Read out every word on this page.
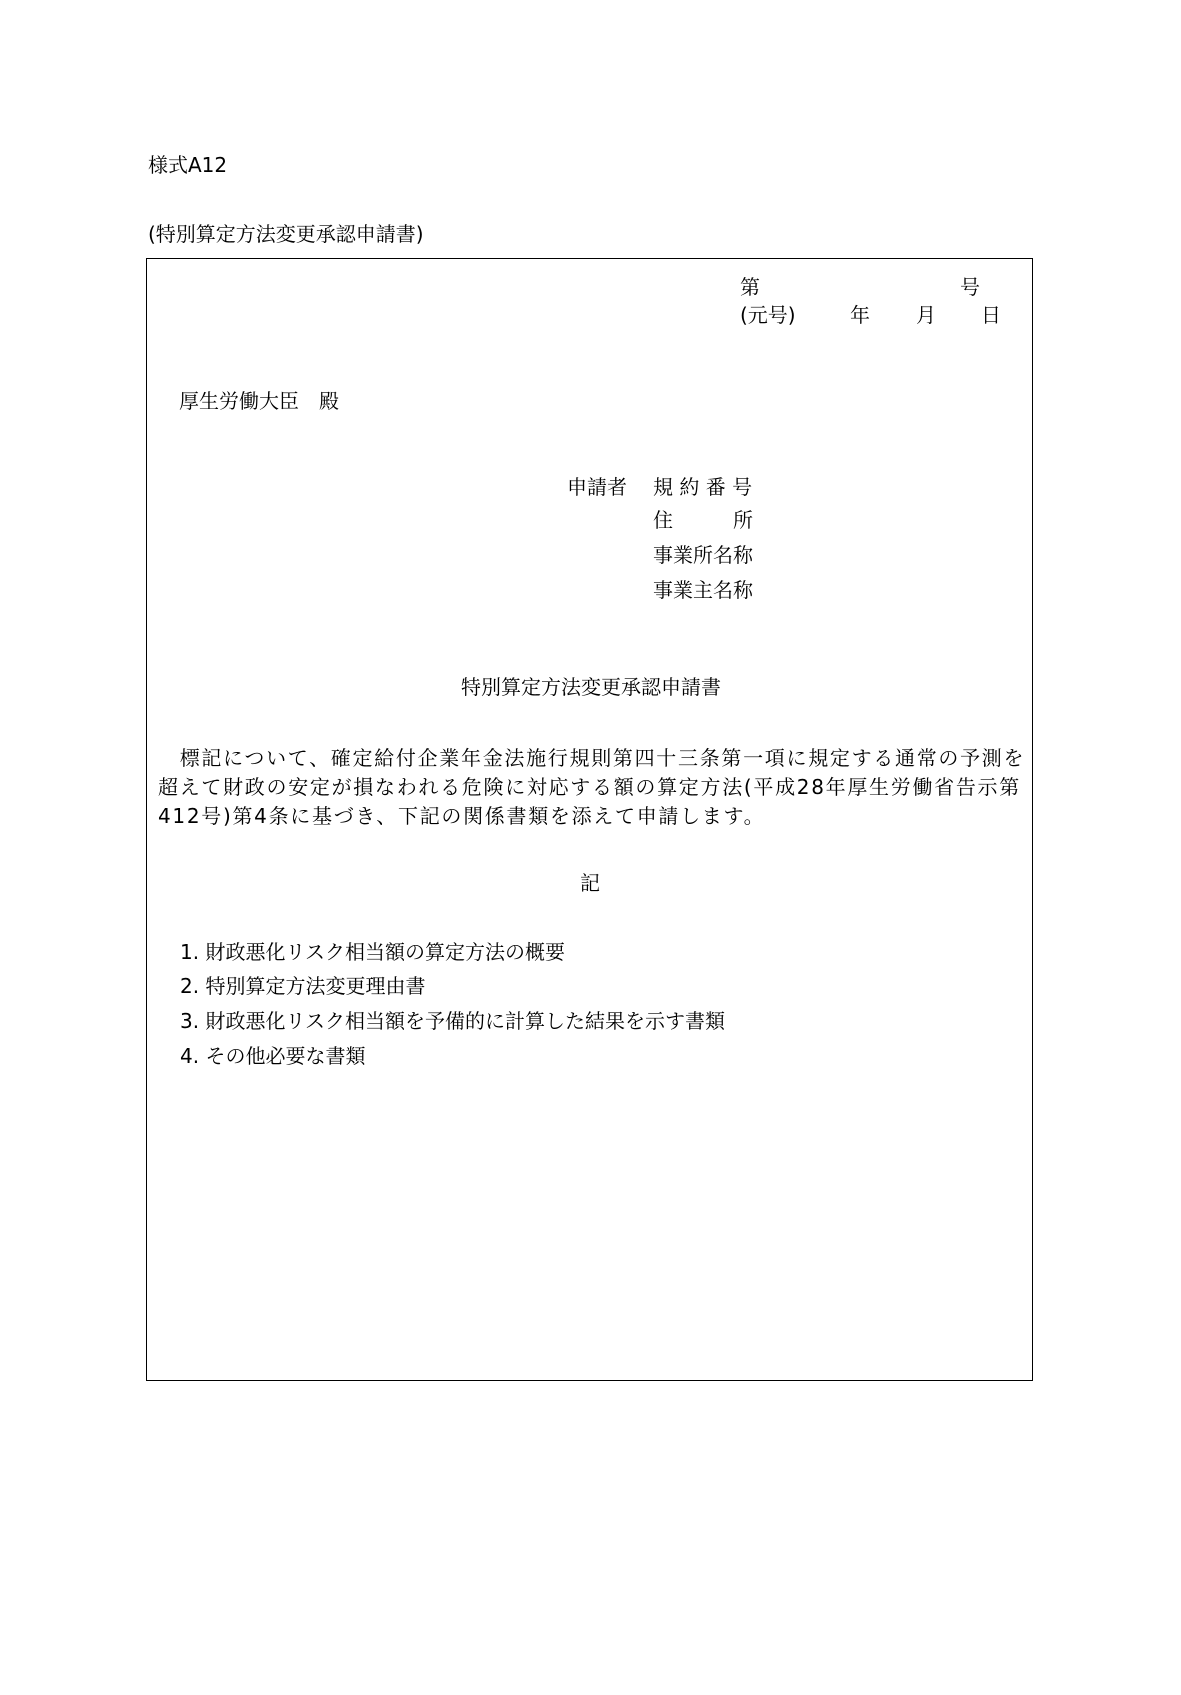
様式A12
(特別算定方法変更承認申請書)
第	号
(元号)	年 月 日
厚生労働大臣　殿
申請者 規 約 番 号
住　　　所
事業所名称
事業主名称
特別算定方法変更承認申請書
　標記について、確定給付企業年金法施行規則第四十三条第一項に規定する通常の予測を
超えて財政の安定が損なわれる危険に対応する額の算定方法(平成28年厚生労働省告示第
412号)第4条に基づき、下記の関係書類を添えて申請します。
記
1. 財政悪化リスク相当額の算定方法の概要
2. 特別算定方法変更理由書
3. 財政悪化リスク相当額を予備的に計算した結果を示す書類
4. その他必要な書類
